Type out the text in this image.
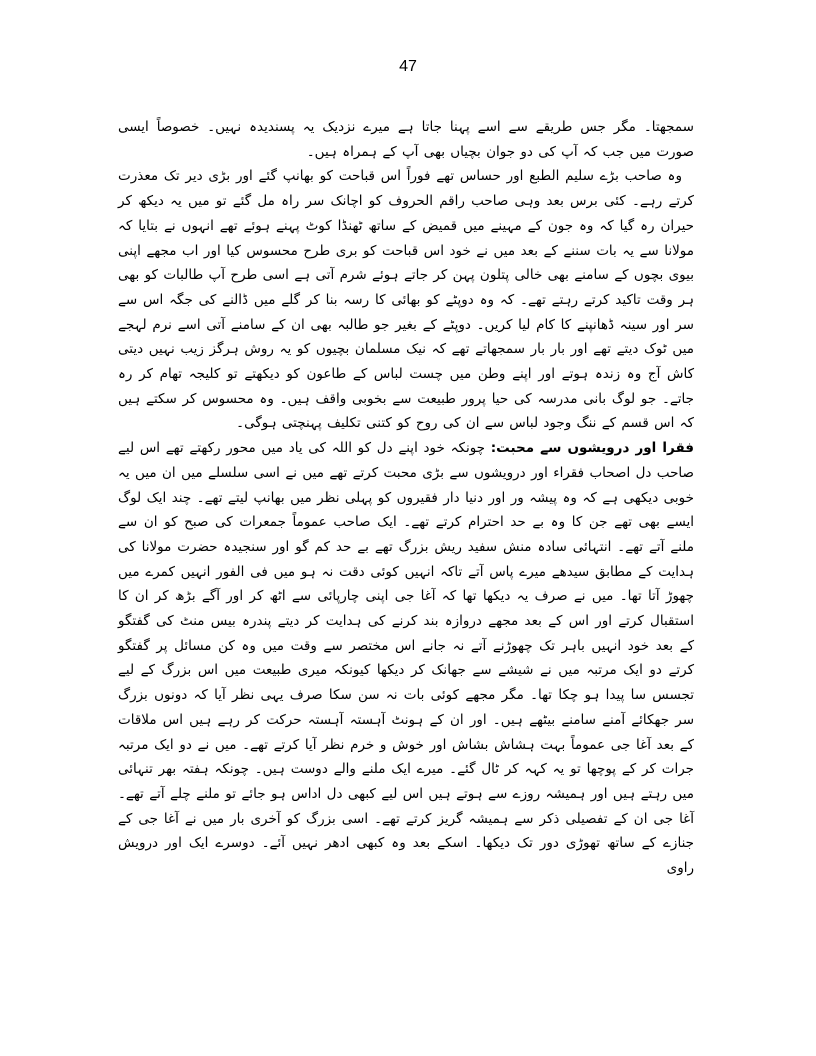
47

سمجھتا۔ مگر جس طریقے سے اسے پہنا جاتا ہے میرے نزدیک یہ پسندیدہ نہیں۔ خصوصاً ایسی صورت میں جب کہ آپ کی دو جوان بچیاں بھی آپ کے ہمراہ ہیں۔

وہ صاحب بڑے سلیم الطبع اور حساس تھے فوراً اس قباحت کو بھانپ گئے اور بڑی دیر تک معذرت کرتے رہے۔ کئی برس بعد وہی صاحب راقم الحروف کو اچانک سر راہ مل گئے تو میں یہ دیکھ کر حیران رہ گیا کہ وہ جون کے مہینے میں قمیض کے ساتھ ٹھنڈا کوٹ پہنے ہوئے تھے انہوں نے بتایا کہ مولانا سے یہ بات سننے کے بعد میں نے خود اس قباحت کو بری طرح محسوس کیا اور اب مجھے اپنی بیوی بچوں کے سامنے بھی خالی پتلون پہن کر جاتے ہوئے شرم آتی ہے اسی طرح آپ طالبات کو بھی ہر وقت تاکید کرتے رہتے تھے۔ کہ وہ دوپٹے کو بھائی کا رسہ بنا کر گلے میں ڈالنے کی جگہ اس سے سر اور سینہ ڈھانپنے کا کام لیا کریں۔ دوپٹے کے بغیر جو طالبہ بھی ان کے سامنے آتی اسے نرم لہجے میں ٹوک دیتے تھے اور بار بار سمجھاتے تھے کہ نیک مسلمان بچیوں کو یہ روش ہرگز زیب نہیں دیتی کاش آج وہ زندہ ہوتے اور اپنے وطن میں چست لباس کے طاعون کو دیکھتے تو کلیجہ تھام کر رہ جاتے۔ جو لوگ بانی مدرسہ کی حیا پرور طبیعت سے بخوبی واقف ہیں۔ وہ محسوس کر سکتے ہیں کہ اس قسم کے ننگ وجود لباس سے ان کی روح کو کتنی تکلیف پہنچتی ہوگی۔

فقرا اور درویشوں سے محبت: چونکہ خود اپنے دل کو اللہ کی یاد میں محور رکھتے تھے اس لیے صاحب دل اصحاب فقراء اور درویشوں سے بڑی محبت کرتے تھے میں نے اسی سلسلے میں ان میں یہ خوبی دیکھی ہے کہ وہ پیشہ ور اور دنیا دار فقیروں کو پہلی نظر میں بھانپ لیتے تھے۔ چند ایک لوگ ایسے بھی تھے جن کا وہ بے حد احترام کرتے تھے۔ ایک صاحب عموماً جمعرات کی صبح کو ان سے ملنے آتے تھے۔ انتہائی سادہ منش سفید ریش بزرگ تھے بے حد کم گو اور سنجیدہ حضرت مولانا کی ہدایت کے مطابق سیدھے میرے پاس آتے تاکہ انہیں کوئی دقت نہ ہو میں فی الفور انہیں کمرے میں چھوڑ آتا تھا۔ میں نے صرف یہ دیکھا تھا کہ آغا جی اپنی چارپائی سے اٹھ کر اور آگے بڑھ کر ان کا استقبال کرتے اور اس کے بعد مجھے دروازہ بند کرنے کی ہدایت کر دیتے پندرہ بیس منٹ کی گفتگو کے بعد خود انہیں باہر تک چھوڑنے آتے نہ جانے اس مختصر سے وقت میں وہ کن مسائل پر گفتگو کرتے دو ایک مرتبہ میں نے شیشے سے جھانک کر دیکھا کیونکہ میری طبیعت میں اس بزرگ کے لیے تجسس سا پیدا ہو چکا تھا۔ مگر مجھے کوئی بات نہ سن سکا صرف یہی نظر آیا کہ دونوں بزرگ سر جھکائے آمنے سامنے بیٹھے ہیں۔ اور ان کے ہونٹ آہستہ آہستہ حرکت کر رہے ہیں اس ملاقات کے بعد آغا جی عموماً بہت ہشاش بشاش اور خوش و خرم نظر آیا کرتے تھے۔ میں نے دو ایک مرتبہ جرات کر کے پوچھا تو یہ کہہ کر ٹال گئے۔ میرے ایک ملنے والے دوست ہیں۔ چونکہ ہفتہ بھر تنہائی میں رہتے ہیں اور ہمیشہ روزے سے ہوتے ہیں اس لیے کبھی دل اداس ہو جائے تو ملنے چلے آتے تھے۔ آغا جی ان کے تفصیلی ذکر سے ہمیشہ گریز کرتے تھے۔ اسی بزرگ کو آخری بار میں نے آغا جی کے جنازے کے ساتھ تھوڑی دور تک دیکھا۔ اسکے بعد وہ کبھی ادھر نہیں آئے۔ دوسرے ایک اور درویش راوی
